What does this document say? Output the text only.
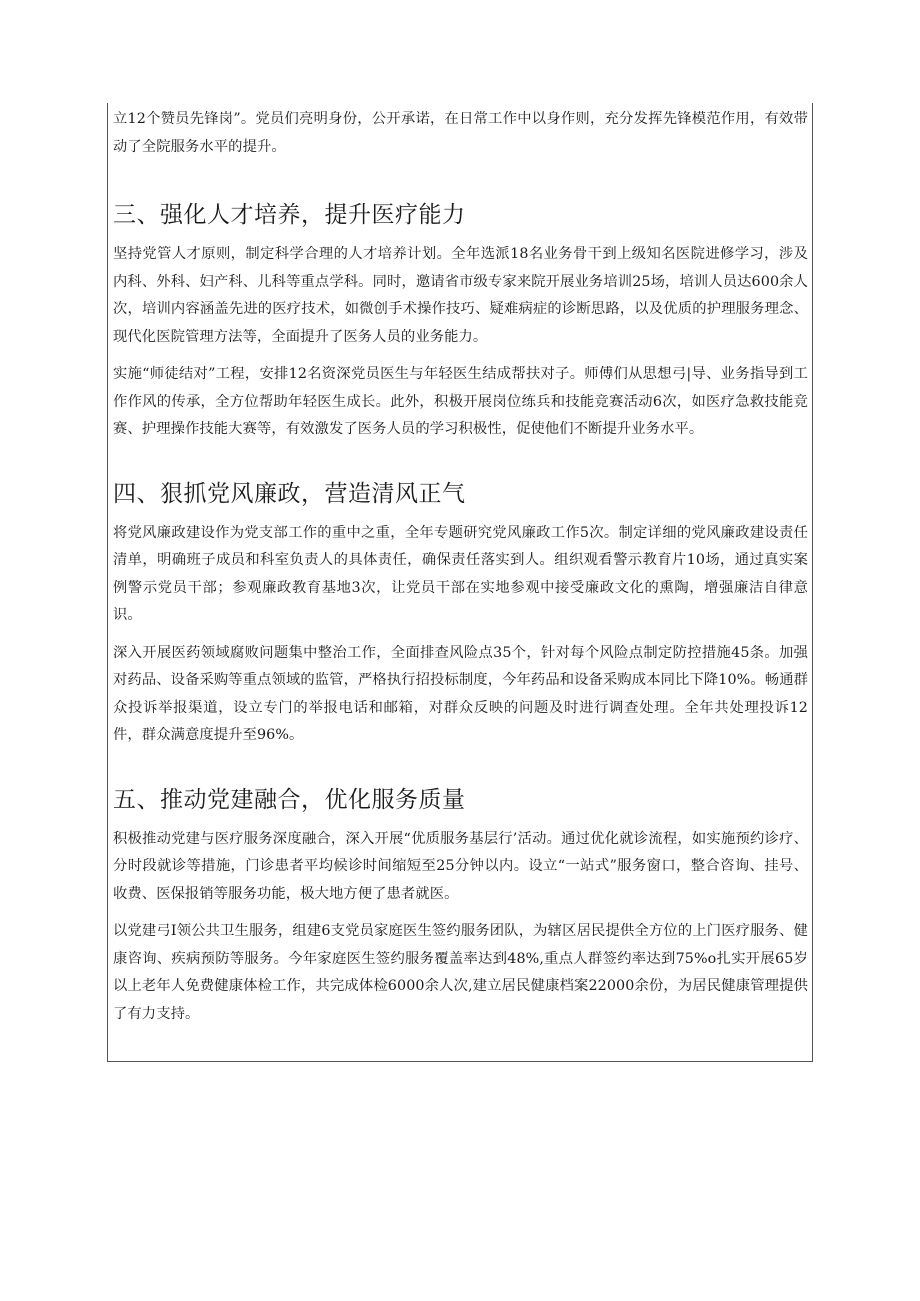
立12个赞员先锋岗”。党员们亮明身份，公开承诺，在日常工作中以身作则，充分发挥先锋模范作用，有效带动了全院服务水平的提升。

三、强化人才培养，提升医疗能力

坚持党管人才原则，制定科学合理的人才培养计划。全年选派18名业务骨干到上级知名医院进修学习，涉及内科、外科、妇产科、儿科等重点学科。同时，邀请省市级专家来院开展业务培训25场，培训人员达600余人次，培训内容涵盖先进的医疗技术，如微创手术操作技巧、疑难病症的诊断思路，以及优质的护理服务理念、现代化医院管理方法等，全面提升了医务人员的业务能力。

实施“师徒结对”工程，安排12名资深党员医生与年轻医生结成帮扶对子。师傅们从思想弓|导、业务指导到工作作风的传承，全方位帮助年轻医生成长。此外，积极开展岗位练兵和技能竞赛活动6次，如医疗急救技能竞赛、护理操作技能大赛等，有效激发了医务人员的学习积极性，促使他们不断提升业务水平。

四、狠抓党风廉政，营造清风正气

将党风廉政建设作为党支部工作的重中之重，全年专题研究党风廉政工作5次。制定详细的党风廉政建设责任清单，明确班子成员和科室负责人的具体责任，确保责任落实到人。组织观看警示教育片10场，通过真实案例警示党员干部；参观廉政教育基地3次，让党员干部在实地参观中接受廉政文化的熏陶，增强廉洁自律意识。

深入开展医药领域腐败问题集中整治工作，全面排查风险点35个，针对每个风险点制定防控措施45条。加强对药品、设备采购等重点领域的监管，严格执行招投标制度，今年药品和设备采购成本同比下降10%。畅通群众投诉举报渠道，设立专门的举报电话和邮箱，对群众反映的问题及时进行调查处理。全年共处理投诉12件，群众满意度提升至96%。

五、推动党建融合，优化服务质量

积极推动党建与医疗服务深度融合，深入开展“优质服务基层行’活动。通过优化就诊流程，如实施预约诊疗、分时段就诊等措施，门诊患者平均候诊时间缩短至25分钟以内。设立“一站式”服务窗口，整合咨询、挂号、收费、医保报销等服务功能，极大地方便了患者就医。

以党建弓I领公共卫生服务，组建6支党员家庭医生签约服务团队，为辖区居民提供全方位的上门医疗服务、健康咨询、疾病预防等服务。今年家庭医生签约服务覆盖率达到48%,重点人群签约率达到75%o扎实开展65岁以上老年人免费健康体检工作，共完成体检6000余人次,建立居民健康档案22000余份，为居民健康管理提供了有力支持。
